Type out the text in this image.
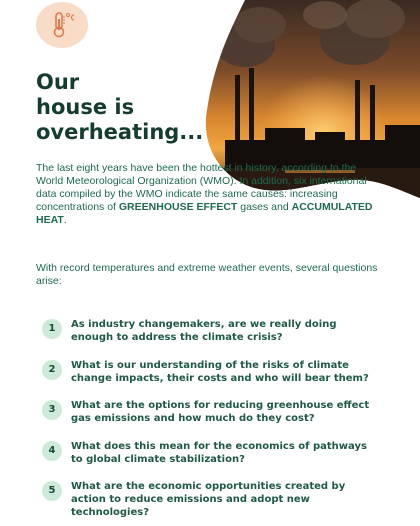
Our
house is
overheating...

The last eight years have been the hottest in history, according to the World Meteorological Organization (WMO). In addition, six international data compiled by the WMO indicate the same causes: increasing concentrations of GREENHOUSE EFFECT gases and ACCUMULATED HEAT.

With record temperatures and extreme weather events, several questions arise:

1	As industry changemakers, are we really doing enough to address the climate crisis?
2	What is our understanding of the risks of climate change impacts, their costs and who will bear them?
3	What are the options for reducing greenhouse effect gas emissions and how much do they cost?
4	What does this mean for the economics of pathways to global climate stabilization?
5	What are the economic opportunities created by action to reduce emissions and adopt new technologies?
